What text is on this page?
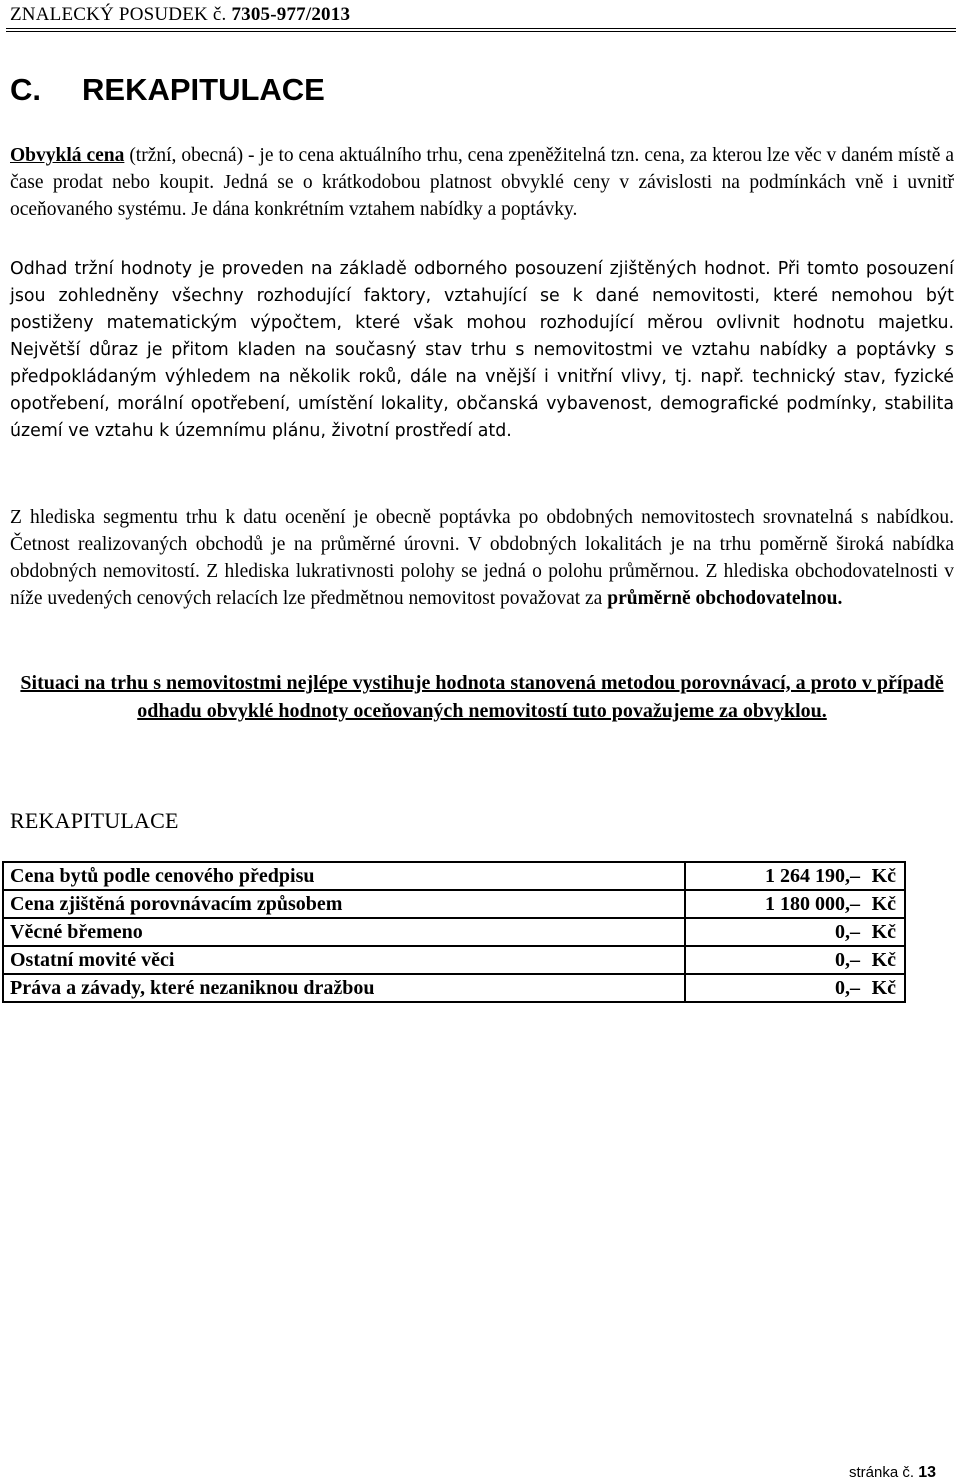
ZNALECKÝ POSUDEK č. 7305-977/2013
C. REKAPITULACE

Obvyklá cena (tržní, obecná) - je to cena aktuálního trhu, cena zpeněžitelná tzn. cena, za kterou lze věc v daném místě a čase prodat nebo koupit. Jedná se o krátkodobou platnost obvyklé ceny v závislosti na podmínkách vně i uvnitř oceňovaného systému. Je dána konkrétním vztahem nabídky a poptávky.

Odhad tržní hodnoty je proveden na základě odborného posouzení zjištěných hodnot. Při tomto posouzení jsou zohledněny všechny rozhodující faktory, vztahující se k dané nemovitosti, které nemohou být postiženy matematickým výpočtem, které však mohou rozhodující měrou ovlivnit hodnotu majetku. Největší důraz je přitom kladen na současný stav trhu s nemovitostmi ve vztahu nabídky a poptávky s předpokládaným výhledem na několik roků, dále na vnější i vnitřní vlivy, tj. např. technický stav, fyzické opotřebení, morální opotřebení, umístění lokality, občanská vybavenost, demografické podmínky, stabilita území ve vztahu k územnímu plánu, životní prostředí atd.

Z hlediska segmentu trhu k datu ocenění je obecně poptávka po obdobných nemovitostech srovnatelná s nabídkou. Četnost realizovaných obchodů je na průměrné úrovni. V obdobných lokalitách je na trhu poměrně široká nabídka obdobných nemovitostí. Z hlediska lukrativnosti polohy se jedná o polohu průměrnou. Z hlediska obchodovatelnosti v níže uvedených cenových relacích lze předmětnou nemovitost považovat za průměrně obchodovatelnou.

Situaci na trhu s nemovitostmi nejlépe vystihuje hodnota stanovená metodou porovnávací, a proto v případě odhadu obvyklé hodnoty oceňovaných nemovitostí tuto považujeme za obvyklou.

REKAPITULACE
Cena bytů podle cenového předpisu	1 264 190,– Kč
Cena zjištěná porovnávacím způsobem	1 180 000,– Kč
Věcné břemeno	0,– Kč
Ostatní movité věci	0,– Kč
Práva a závady, které nezaniknou dražbou	0,– Kč
stránka č. 13
